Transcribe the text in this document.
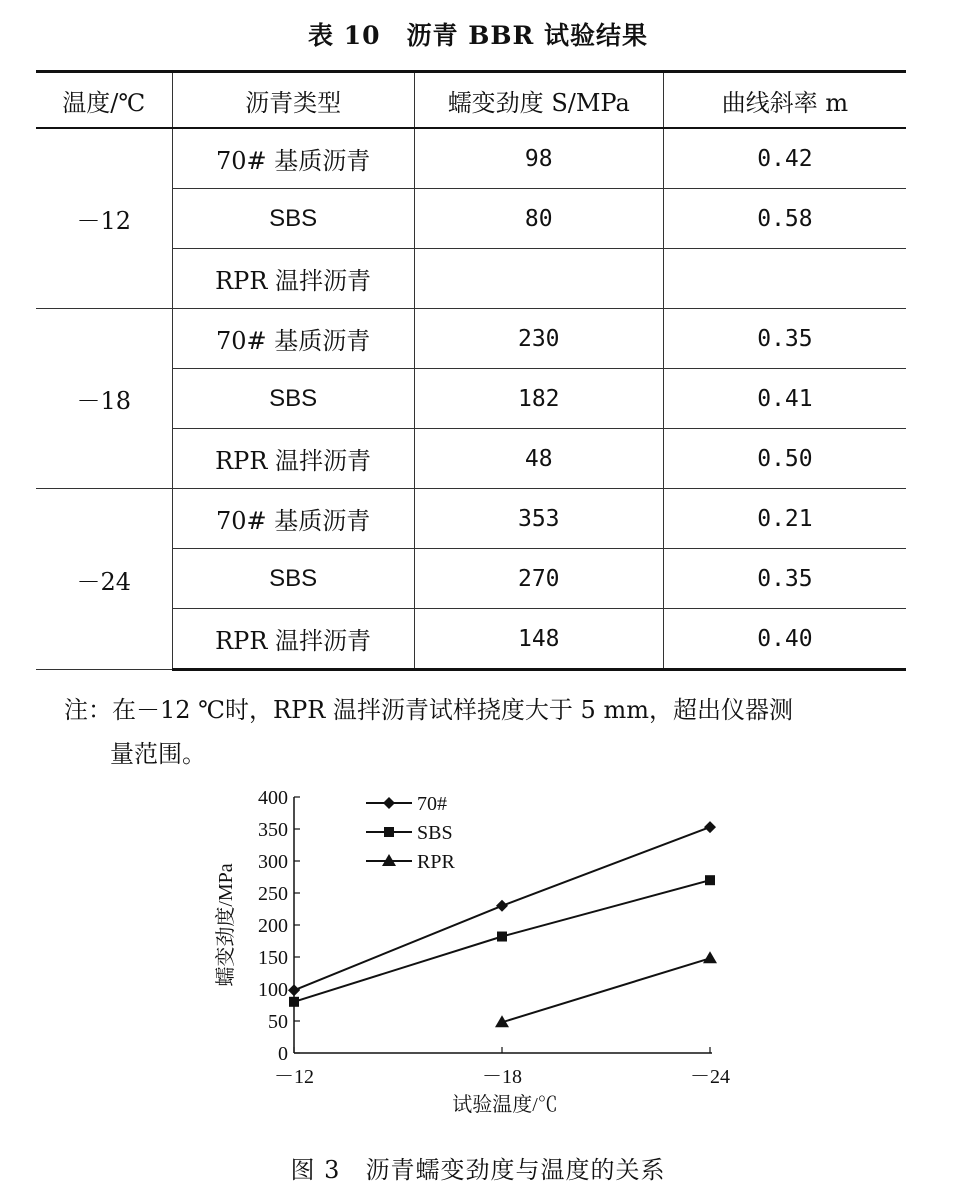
表 10　沥青 BBR 试验结果
温度/℃	沥青类型	蠕变劲度 S/MPa	曲线斜率 m
－12	70# 基质沥青	98	0.42
	SBS	80	0.58
	RPR 温拌沥青		
－18	70# 基质沥青	230	0.35
	SBS	182	0.41
	RPR 温拌沥青	48	0.50
－24	70# 基质沥青	353	0.21
	SBS	270	0.35
	RPR 温拌沥青	148	0.40
注：在－12 ℃时，RPR 温拌沥青试样挠度大于 5 mm，超出仪器测
量范围。
0
50
100
150
200
250
300
350
400
－12	－18	－24
蠕变劲度/MPa
试验温度/℃
70#
SBS
RPR
图 3　沥青蠕变劲度与温度的关系
